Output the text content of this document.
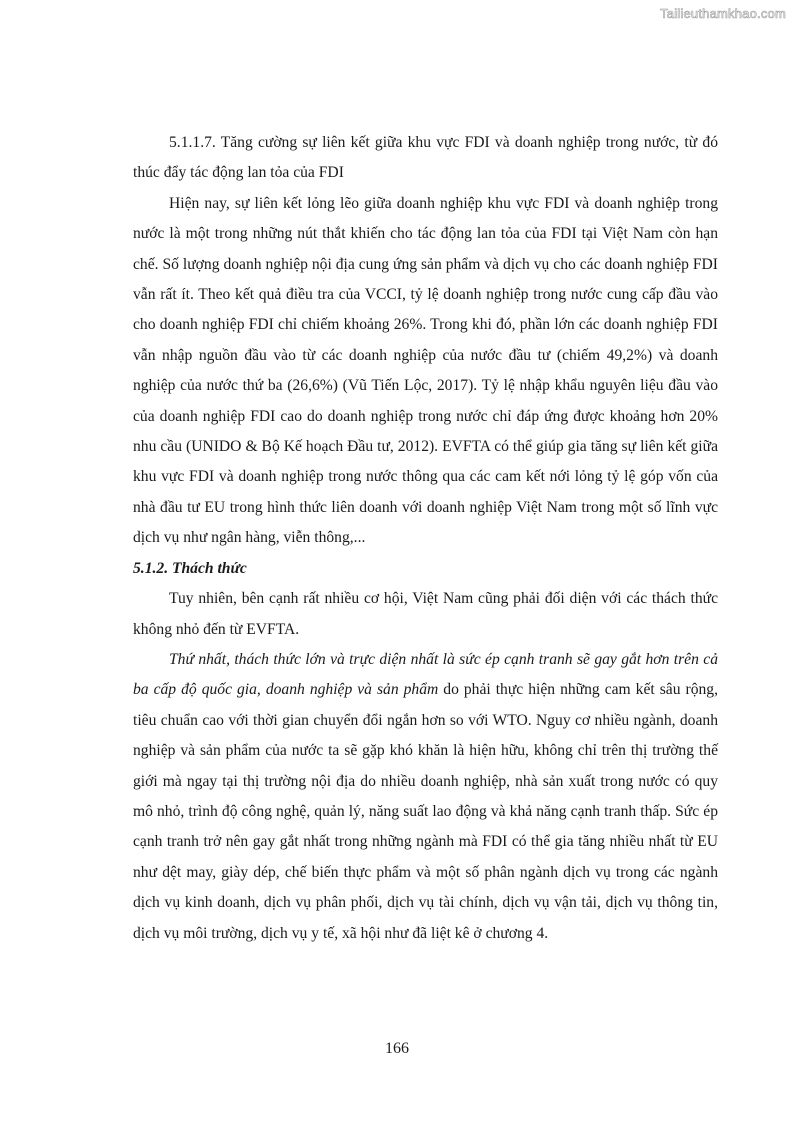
Tailieuthamkhao.com

5.1.1.7. Tăng cường sự liên kết giữa khu vực FDI và doanh nghiệp trong nước, từ đó thúc đẩy tác động lan tỏa của FDI

Hiện nay, sự liên kết lỏng lẽo giữa doanh nghiệp khu vực FDI và doanh nghiệp trong nước là một trong những nút thắt khiến cho tác động lan tỏa của FDI tại Việt Nam còn hạn chế. Số lượng doanh nghiệp nội địa cung ứng sản phẩm và dịch vụ cho các doanh nghiệp FDI vẫn rất ít. Theo kết quả điều tra của VCCI, tỷ lệ doanh nghiệp trong nước cung cấp đầu vào cho doanh nghiệp FDI chỉ chiếm khoảng 26%. Trong khi đó, phần lớn các doanh nghiệp FDI vẫn nhập nguồn đầu vào từ các doanh nghiệp của nước đầu tư (chiếm 49,2%) và doanh nghiệp của nước thứ ba (26,6%) (Vũ Tiến Lộc, 2017). Tỷ lệ nhập khẩu nguyên liệu đầu vào của doanh nghiệp FDI cao do doanh nghiệp trong nước chỉ đáp ứng được khoảng hơn 20% nhu cầu (UNIDO & Bộ Kế hoạch Đầu tư, 2012). EVFTA có thể giúp gia tăng sự liên kết giữa khu vực FDI và doanh nghiệp trong nước thông qua các cam kết nới lỏng tỷ lệ góp vốn của nhà đầu tư EU trong hình thức liên doanh với doanh nghiệp Việt Nam trong một số lĩnh vực dịch vụ như ngân hàng, viễn thông,...

5.1.2. Thách thức

Tuy nhiên, bên cạnh rất nhiều cơ hội, Việt Nam cũng phải đối diện với các thách thức không nhỏ đến từ EVFTA.

Thứ nhất, thách thức lớn và trực diện nhất là sức ép cạnh tranh sẽ gay gắt hơn trên cả ba cấp độ quốc gia, doanh nghiệp và sản phẩm do phải thực hiện những cam kết sâu rộng, tiêu chuẩn cao với thời gian chuyển đổi ngắn hơn so với WTO. Nguy cơ nhiều ngành, doanh nghiệp và sản phẩm của nước ta sẽ gặp khó khăn là hiện hữu, không chỉ trên thị trường thế giới mà ngay tại thị trường nội địa do nhiều doanh nghiệp, nhà sản xuất trong nước có quy mô nhỏ, trình độ công nghệ, quản lý, năng suất lao động và khả năng cạnh tranh thấp. Sức ép cạnh tranh trở nên gay gắt nhất trong những ngành mà FDI có thể gia tăng nhiều nhất từ EU như dệt may, giày dép, chế biến thực phẩm và một số phân ngành dịch vụ trong các ngành dịch vụ kinh doanh, dịch vụ phân phối, dịch vụ tài chính, dịch vụ vận tải, dịch vụ thông tin, dịch vụ môi trường, dịch vụ y tế, xã hội như đã liệt kê ở chương 4.

166
